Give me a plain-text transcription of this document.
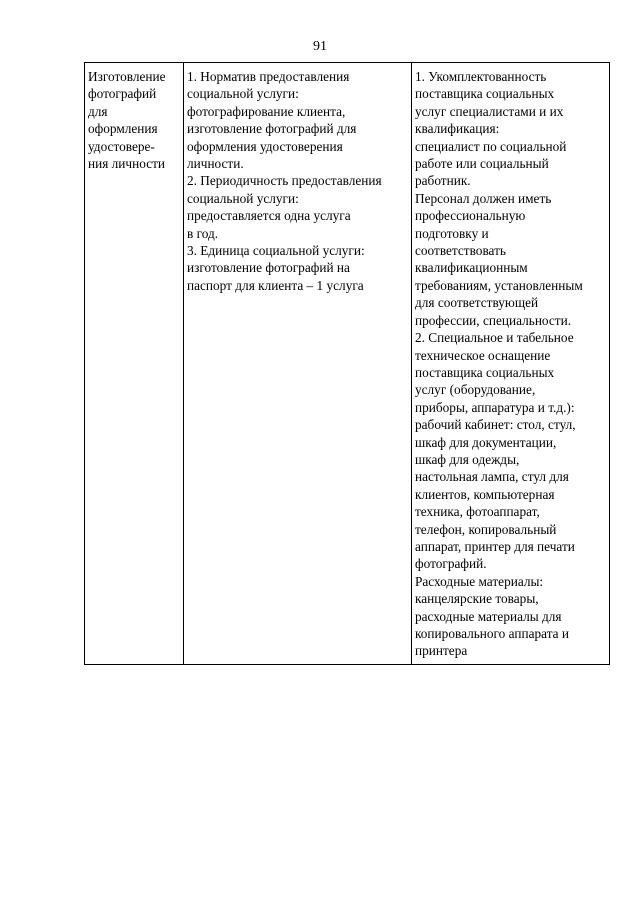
91
Изготовление
фотографий
для
оформления
удостовере-
ния личности

1. Норматив предоставления
социальной услуги:
фотографирование клиента,
изготовление фотографий для
оформления удостоверения
личности.
2. Периодичность предоставления
социальной услуги:
предоставляется одна услуга
в год.
3. Единица социальной услуги:
изготовление фотографий на
паспорт для клиента – 1 услуга

1. Укомплектованность
поставщика социальных
услуг специалистами и их
квалификация:
специалист по социальной
работе или социальный
работник.
Персонал должен иметь
профессиональную
подготовку и
соответствовать
квалификационным
требованиям, установленным
для соответствующей
профессии, специальности.
2. Специальное и табельное
техническое оснащение
поставщика социальных
услуг (оборудование,
приборы, аппаратура и т.д.):
рабочий кабинет: стол, стул,
шкаф для документации,
шкаф для одежды,
настольная лампа, стул для
клиентов, компьютерная
техника, фотоаппарат,
телефон, копировальный
аппарат, принтер для печати
фотографий.
Расходные материалы:
канцелярские товары,
расходные материалы для
копировального аппарата и
принтера
